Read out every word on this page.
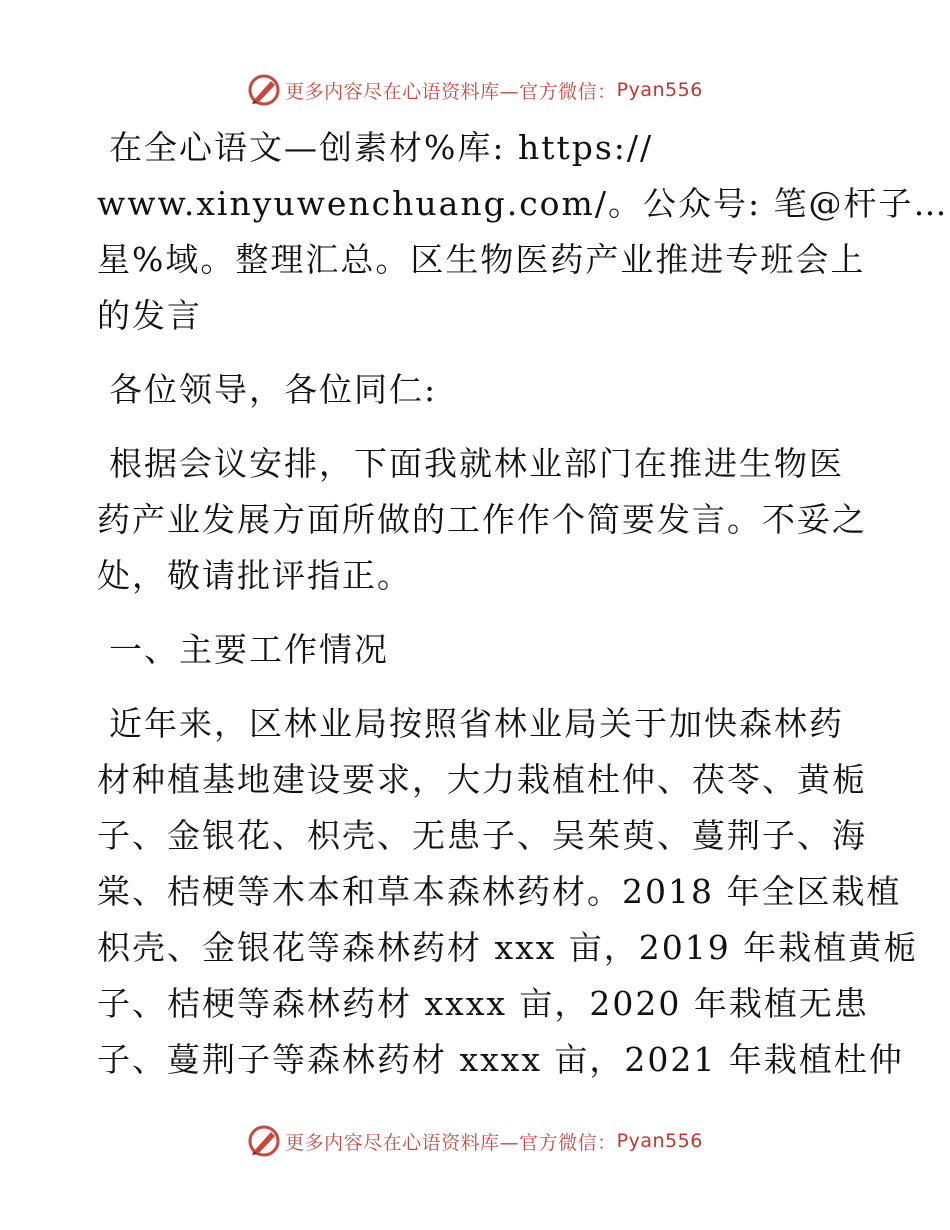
更多内容尽在心语资料库—官方微信： Pyan556
在全心语文—创素材%库: https://
www.xinyuwenchuang.com/。公众号: 笔@杆子…
星%域。整理汇总。区生物医药产业推进专班会上
的发言
各位领导，各位同仁:
根据会议安排，下面我就林业部门在推进生物医
药产业发展方面所做的工作作个简要发言。不妥之
处，敬请批评指正。
一、主要工作情况
近年来，区林业局按照省林业局关于加快森林药
材种植基地建设要求，大力栽植杜仲、茯苓、黄栀
子、金银花、枳壳、无患子、吴茱萸、蔓荆子、海
棠、桔梗等木本和草本森林药材。2018 年全区栽植
枳壳、金银花等森林药材 xxx 亩，2019 年栽植黄栀
子、桔梗等森林药材 xxxx 亩，2020 年栽植无患
子、蔓荆子等森林药材 xxxx 亩，2021 年栽植杜仲
更多内容尽在心语资料库—官方微信： Pyan556
